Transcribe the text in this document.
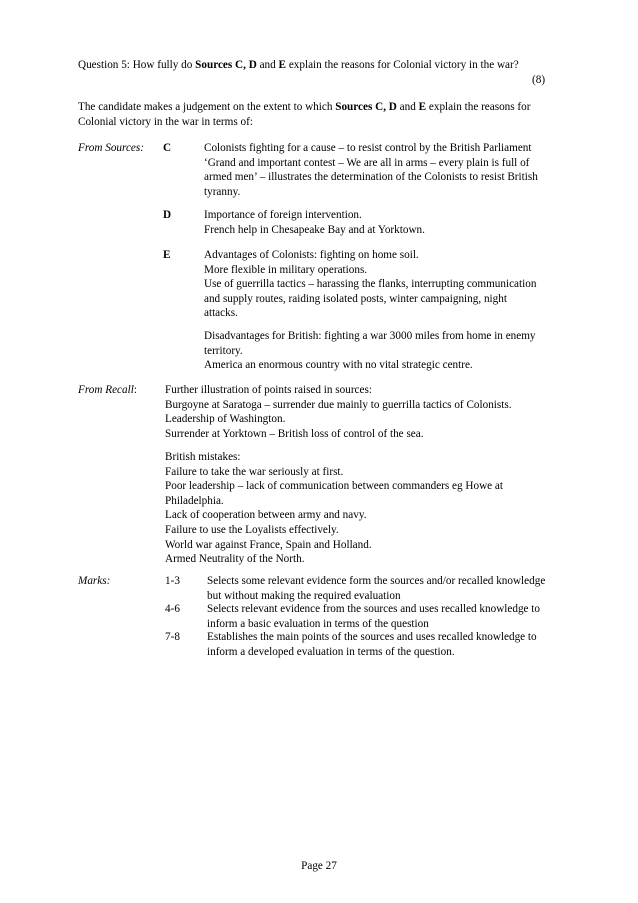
Question 5: How fully do Sources C, D and E explain the reasons for Colonial victory in the war?
(8)
The candidate makes a judgement on the extent to which Sources C, D and E explain the reasons for Colonial victory in the war in terms of:
From Sources: C	Colonists fighting for a cause – to resist control by the British Parliament
‘Grand and important contest – We are all in arms – every plain is full of
armed men’ – illustrates the determination of the Colonists to resist British
tyranny.
D	Importance of foreign intervention.
French help in Chesapeake Bay and at Yorktown.
E	Advantages of Colonists: fighting on home soil.
More flexible in military operations.
Use of guerrilla tactics – harassing the flanks, interrupting communication
and supply routes, raiding isolated posts, winter campaigning, night
attacks.
Disadvantages for British: fighting a war 3000 miles from home in enemy
territory.
America an enormous country with no vital strategic centre.
From Recall:	Further illustration of points raised in sources:
Burgoyne at Saratoga – surrender due mainly to guerrilla tactics of Colonists.
Leadership of Washington.
Surrender at Yorktown – British loss of control of the sea.
British mistakes:
Failure to take the war seriously at first.
Poor leadership – lack of communication between commanders eg Howe at
Philadelphia.
Lack of cooperation between army and navy.
Failure to use the Loyalists effectively.
World war against France, Spain and Holland.
Armed Neutrality of the North.
Marks:	1-3 Selects some relevant evidence form the sources and/or recalled knowledge
but without making the required evaluation
4-6 Selects relevant evidence from the sources and uses recalled knowledge to
inform a basic evaluation in terms of the question
7-8 Establishes the main points of the sources and uses recalled knowledge to
inform a developed evaluation in terms of the question.
Page 27
